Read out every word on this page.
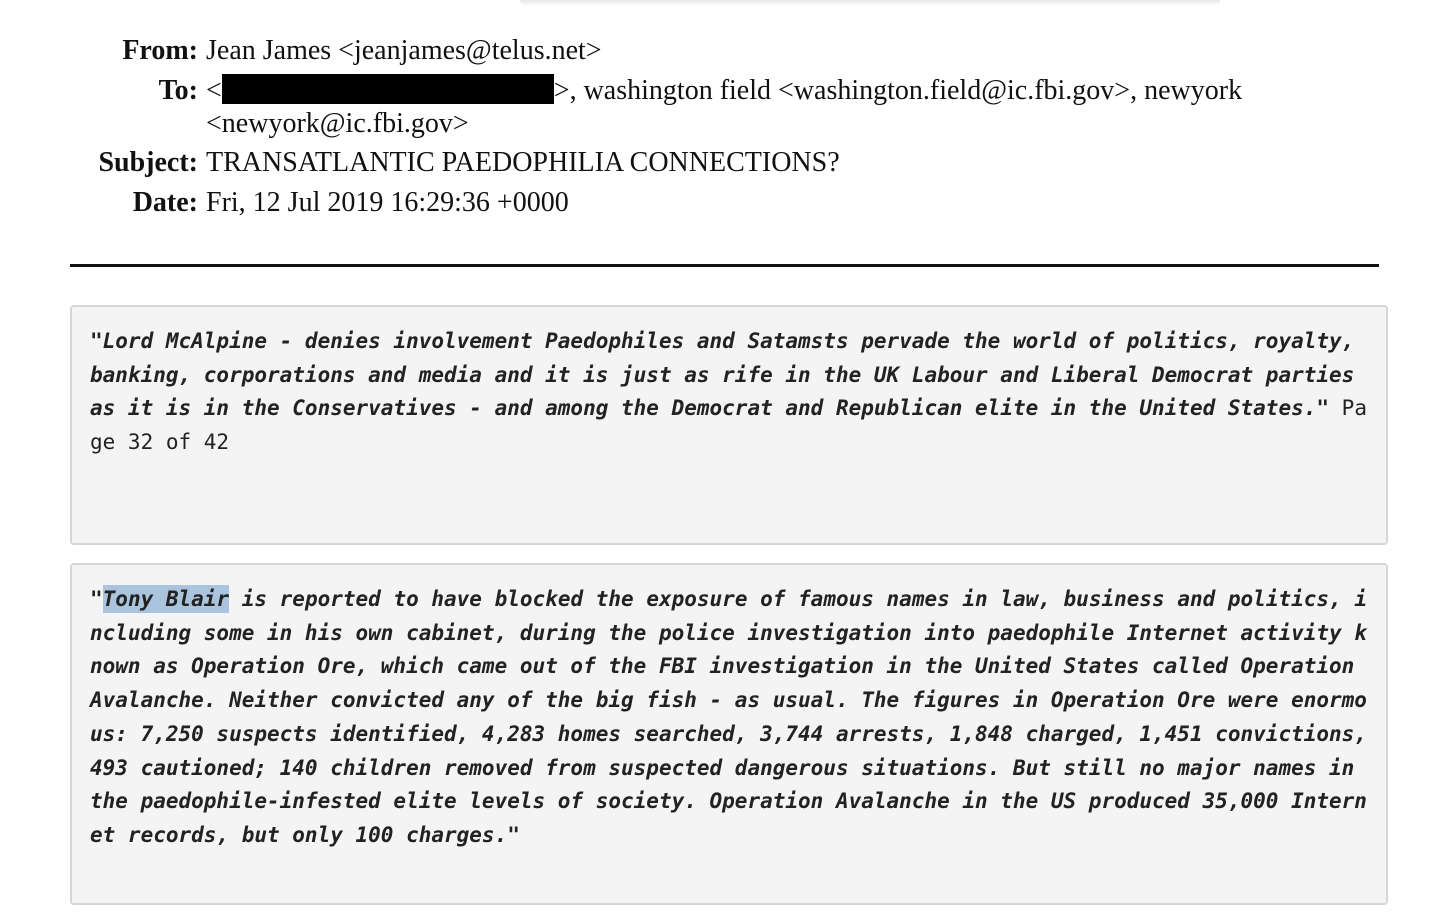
From: Jean James <jeanjames@telus.net>
To: <	>, washington field <washington.field@ic.fbi.gov>, newyork <newyork@ic.fbi.gov>
Subject: TRANSATLANTIC PAEDOPHILIA CONNECTIONS?
Date: Fri, 12 Jul 2019 16:29:36 +0000
"Lord McAlpine - denies involvement Paedophiles and Satamsts pervade the world of politics, royalty, banking, corporations and media and it is just as rife in the UK Labour and Liberal Democrat parties as it is in the Conservatives - and among the Democrat and Republican elite in the United States." Page 32 of 42
"Tony Blair is reported to have blocked the exposure of famous names in law, business and politics, including some in his own cabinet, during the police investigation into paedophile Internet activity known as Operation Ore, which came out of the FBI investigation in the United States called Operation Avalanche. Neither convicted any of the big fish - as usual. The figures in Operation Ore were enormous: 7,250 suspects identified, 4,283 homes searched, 3,744 arrests, 1,848 charged, 1,451 convictions, 493 cautioned; 140 children removed from suspected dangerous situations. But still no major names in the paedophile-infested elite levels of society. Operation Avalanche in the US produced 35,000 Internet records, but only 100 charges."
